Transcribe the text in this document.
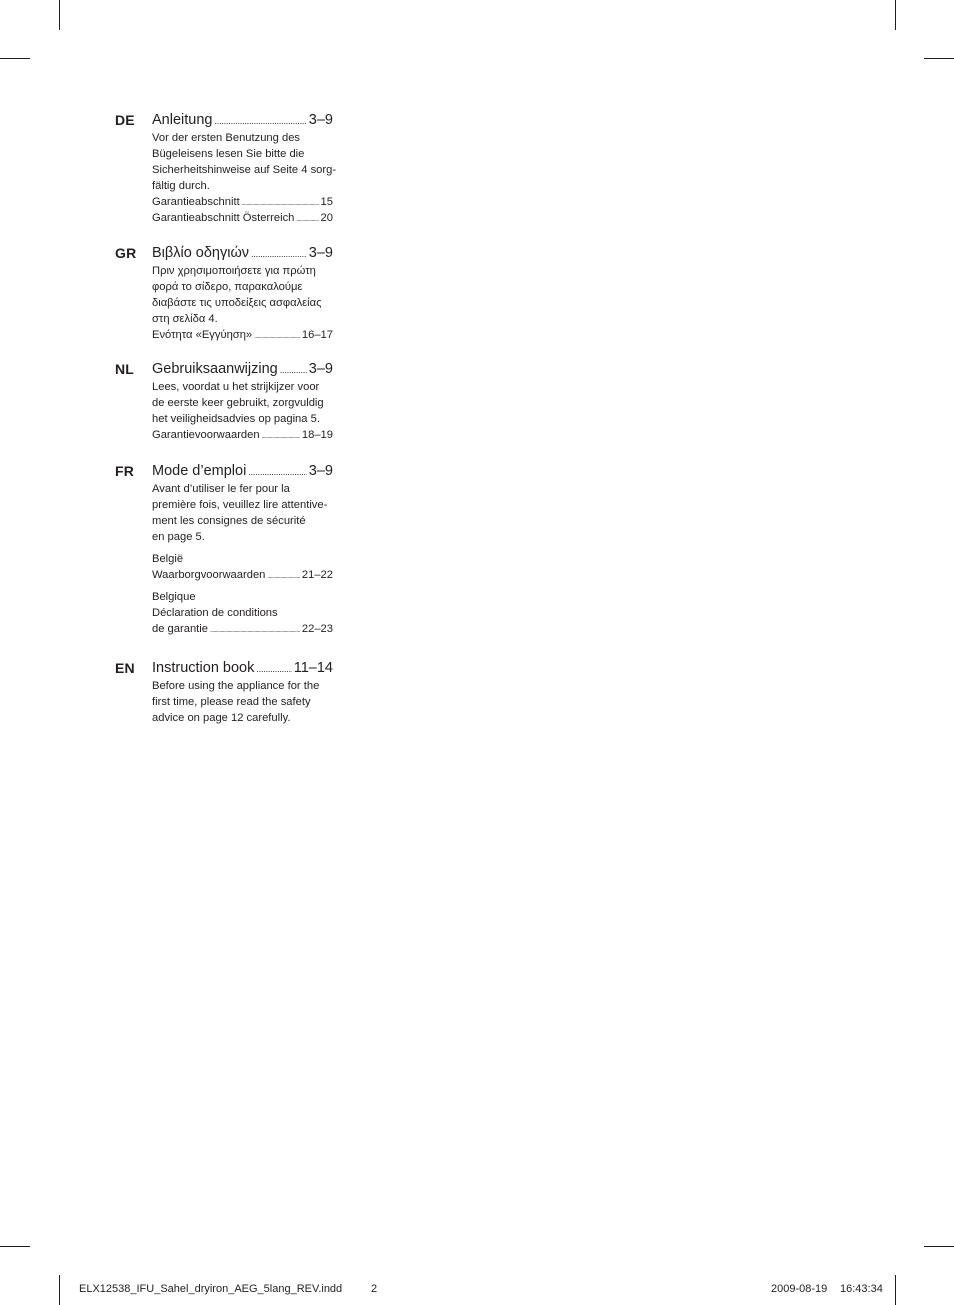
DE Anleitung .....	3–9
Vor der ersten Benutzung des
Bügeleisens lesen Sie bitte die
Sicherheitshinweise auf Seite 4 sorg-
fältig durch.
Garantieabschnitt .....	15
Garantieabschnitt Österreich ..... 20
GR Βιβλίο οδηγιών .....	3–9
Πριν χρησιμοποιήσετε για πρώτη
φορά το σίδερο, παρακαλούμε
διαβάστε τις υποδείξεις ασφαλείας
στη σελίδα 4.
Ενότητα «Εγγύηση» .....	16–17
NL Gebruiksaanwijzing ..... 3–9
Lees, voordat u het strijkijzer voor
de eerste keer gebruikt, zorgvuldig
het veiligheidsadvies op pagina 5.
Garantievoorwaarden .....	18–19
FR Mode d’emploi .....	3–9
Avant d’utiliser le fer pour la
première fois, veuillez lire attentive-
ment les consignes de sécurité
en page 5.
België
Waarborgvoorwaarden .....	21–22
Belgique
Déclaration de conditions
de garantie .....	22–23
EN Instruction book .....	11–14
Before using the appliance for the
first time, please read the safety
advice on page 12 carefully.
ELX12538_IFU_Sahel_dryiron_AEG_5lang_REV.indd	2	2009-08-19 16:43:34
